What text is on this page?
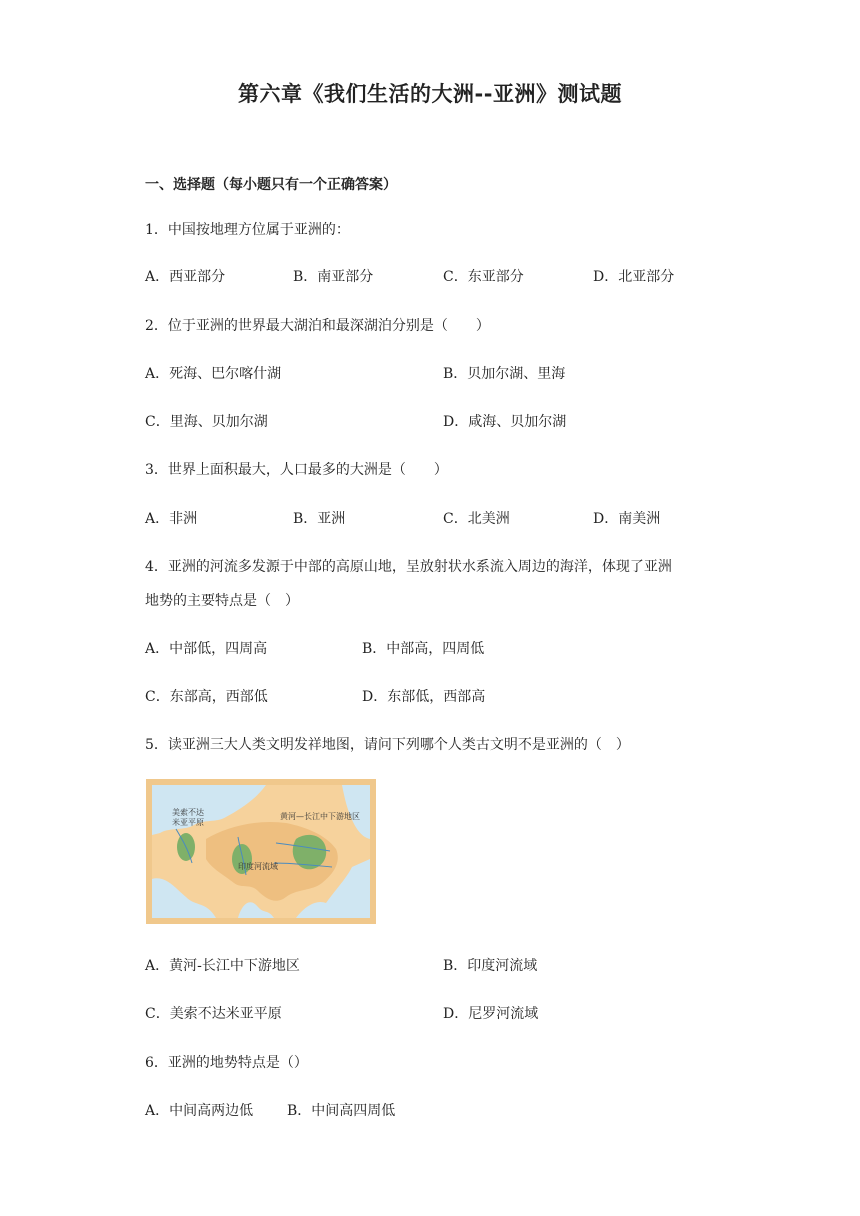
第六章《我们生活的大洲--亚洲》测试题
一、选择题（每小题只有一个正确答案）
1．中国按地理方位属于亚洲的：
A．西亚部分	B．南亚部分	C．东亚部分	D．北亚部分
2．位于亚洲的世界最大湖泊和最深湖泊分别是（　　）
A．死海、巴尔喀什湖	B．贝加尔湖、里海
C．里海、贝加尔湖	D．咸海、贝加尔湖
3．世界上面积最大，人口最多的大洲是（　　）
A．非洲	B．亚洲	C．北美洲	D．南美洲
4．亚洲的河流多发源于中部的高原山地，呈放射状水系流入周边的海洋，体现了亚洲
地势的主要特点是（　）
A．中部低，四周高	B．中部高，四周低
C．东部高，西部低	D．东部低，西部高
5．读亚洲三大人类文明发祥地图，请问下列哪个人类古文明不是亚洲的（　）
美索不达
米亚平原
黄河—长江中下游地区
印度河流域
A．黄河-长江中下游地区	B．印度河流域
C．美索不达米亚平原	D．尼罗河流域
6．亚洲的地势特点是（）
A．中间高两边低 B．中间高四周低
